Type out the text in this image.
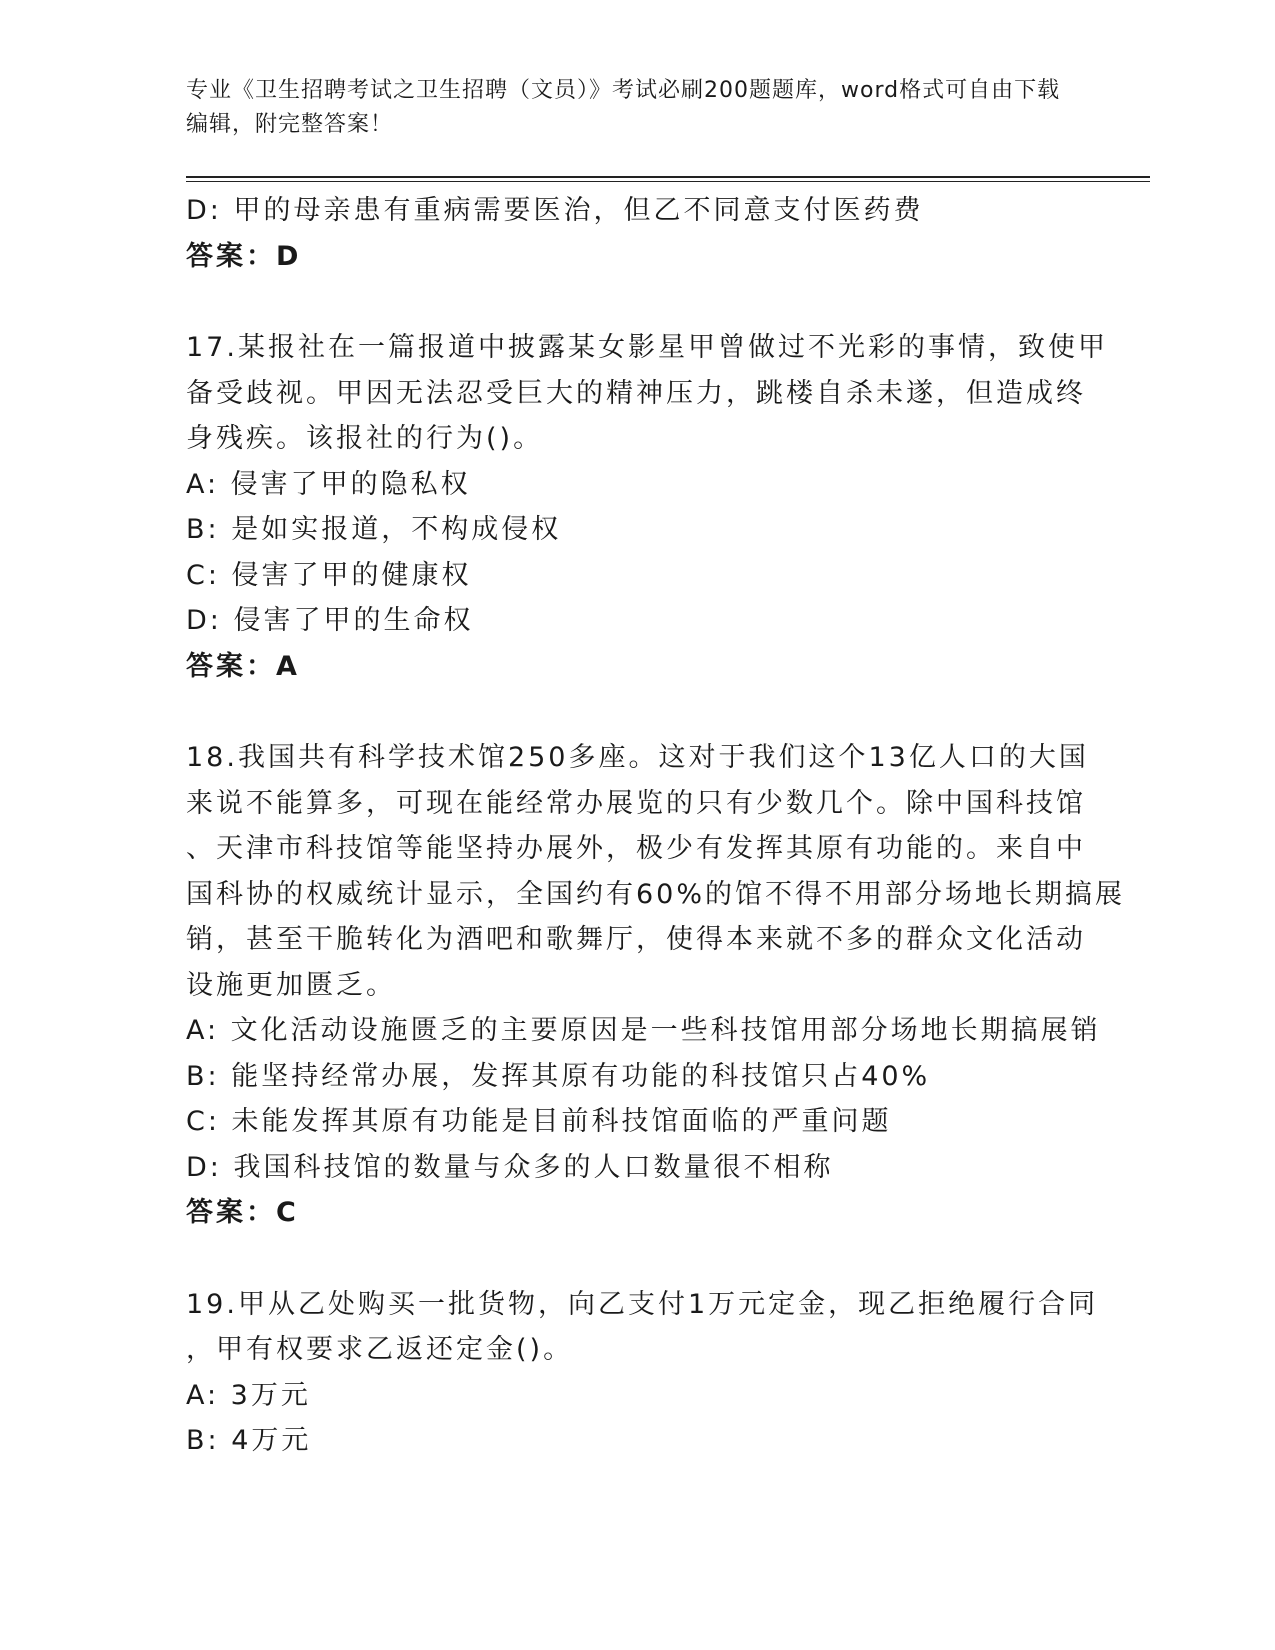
专业《卫生招聘考试之卫生招聘（文员）》考试必刷200题题库，word格式可自由下载编辑，附完整答案！
D: 甲的母亲患有重病需要医治，但乙不同意支付医药费
答案：D
17.某报社在一篇报道中披露某女影星甲曾做过不光彩的事情，致使甲
备受歧视。甲因无法忍受巨大的精神压力，跳楼自杀未遂，但造成终
身残疾。该报社的行为()。
A: 侵害了甲的隐私权
B: 是如实报道，不构成侵权
C: 侵害了甲的健康权
D: 侵害了甲的生命权
答案：A
18.我国共有科学技术馆250多座。这对于我们这个13亿人口的大国
来说不能算多，可现在能经常办展览的只有少数几个。除中国科技馆
、天津市科技馆等能坚持办展外，极少有发挥其原有功能的。来自中
国科协的权威统计显示，全国约有60%的馆不得不用部分场地长期搞展
销，甚至干脆转化为酒吧和歌舞厅，使得本来就不多的群众文化活动
设施更加匮乏。
A: 文化活动设施匮乏的主要原因是一些科技馆用部分场地长期搞展销
B: 能坚持经常办展，发挥其原有功能的科技馆只占40%
C: 未能发挥其原有功能是目前科技馆面临的严重问题
D: 我国科技馆的数量与众多的人口数量很不相称
答案：C
19.甲从乙处购买一批货物，向乙支付1万元定金，现乙拒绝履行合同
，甲有权要求乙返还定金()。
A: 3万元
B: 4万元
